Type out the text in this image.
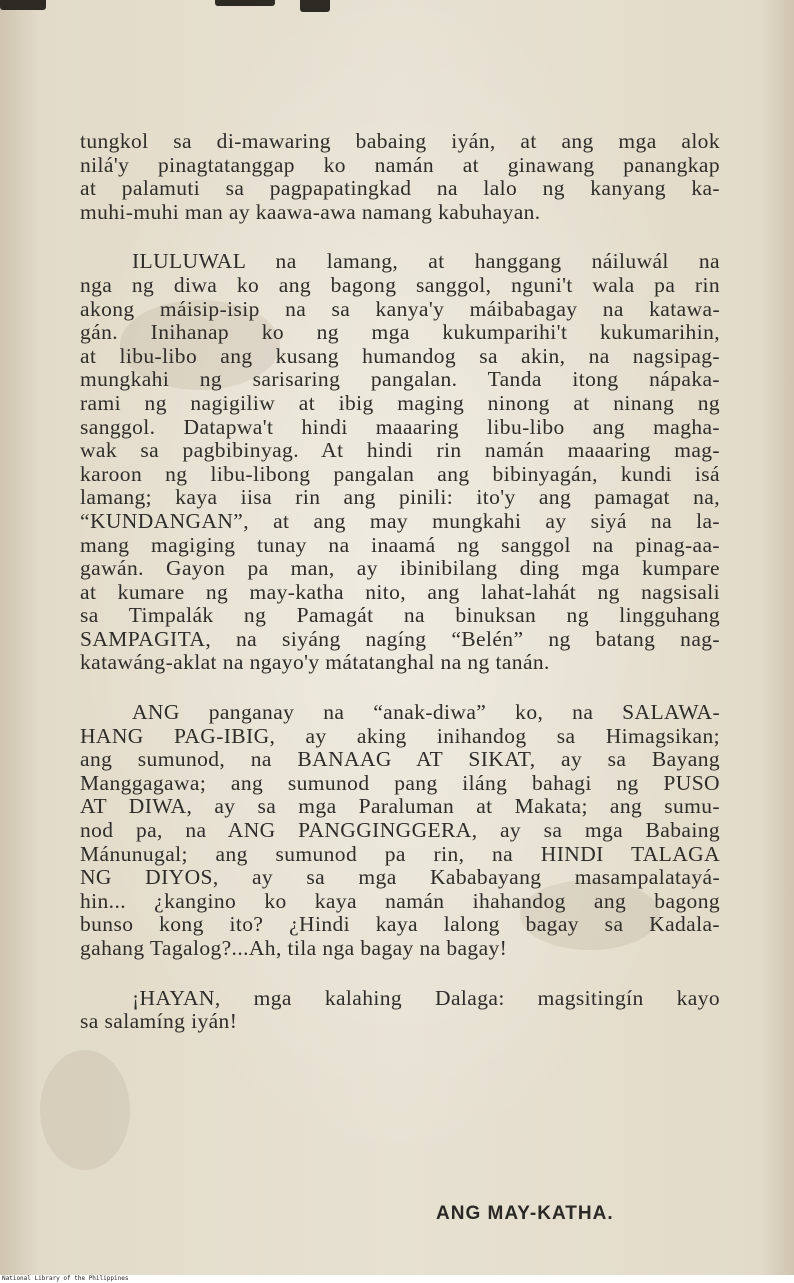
tungkol sa di-mawaring babaing iyán, at ang mga alok
nilá'y pinagtatanggap ko namán at ginawang panangkap
at palamuti sa pagpapatingkad na lalo ng kanyang ka-
muhi-muhi man ay kaawa-awa namang kabuhayan.

ILULUWAL na lamang, at hanggang náiluwál na
nga ng diwa ko ang bagong sanggol, nguni't wala pa rin
akong máisip-isip na sa kanya'y máibabagay na katawa-
gán. Inihanap ko ng mga kukumparihi't kukumarihin,
at libu-libo ang kusang humandog sa akin, na nagsipag-
mungkahi ng sarisaring pangalan. Tanda itong nápaka-
rami ng nagigiliw at ibig maging ninong at ninang ng
sanggol. Datapwa't hindi maaaring libu-libo ang magha-
wak sa pagbibinyag. At hindi rin namán maaaring mag-
karoon ng libu-libong pangalan ang bibinyagán, kundi isá
lamang; kaya iisa rin ang pinili: ito'y ang pamagat na,
“KUNDANGAN”, at ang may mungkahi ay siyá na la-
mang magiging tunay na inaamá ng sanggol na pinag-aa-
gawán. Gayon pa man, ay ibinibilang ding mga kumpare
at kumare ng may-katha nito, ang lahat-lahát ng nagsisali
sa Timpalák ng Pamagát na binuksan ng lingguhang
SAMPAGITA, na siyáng nagíng “Belén” ng batang nag-
katawáng-aklat na ngayo'y mátatanghal na ng tanán.

ANG panganay na “anak-diwa” ko, na SALAWA-
HANG PAG-IBIG, ay aking inihandog sa Himagsikan;
ang sumunod, na BANAAG AT SIKAT, ay sa Bayang
Manggagawa; ang sumunod pang iláng bahagi ng PUSO
AT DIWA, ay sa mga Paraluman at Makata; ang sumu-
nod pa, na ANG PANGGINGGERA, ay sa mga Babaing
Mánunugal; ang sumunod pa rin, na HINDI TALAGA
NG DIYOS, ay sa mga Kababayang masampalatayá-
hin... ¿kangino ko kaya namán ihahandog ang bagong
bunso kong ito? ¿Hindi kaya lalong bagay sa Kadala-
gahang Tagalog?...Ah, tila nga bagay na bagay!

¡HAYAN, mga kalahing Dalaga: magsitingín kayo
sa salamíng iyán!

ANG MAY-KATHA.
National Library of the Philippines
